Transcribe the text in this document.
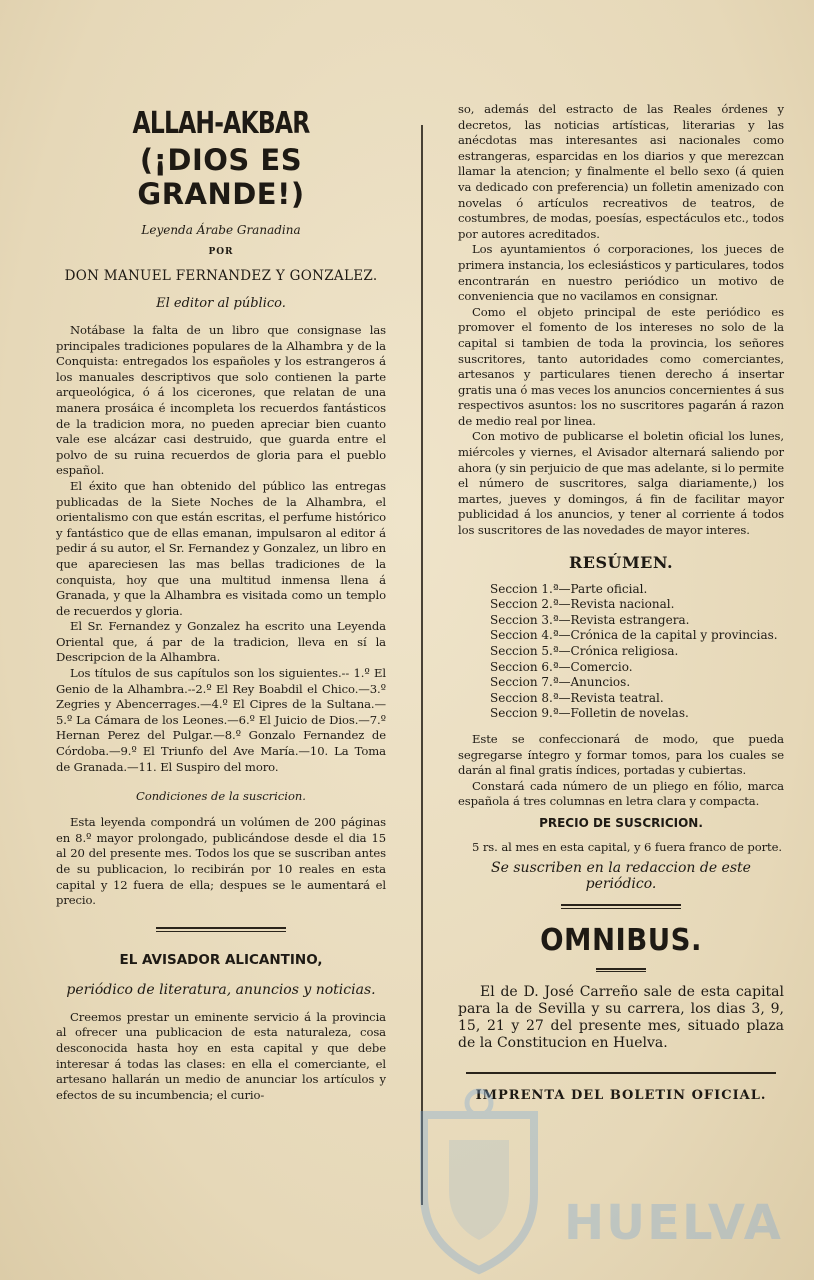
ALLAH-AKBAR
(¡DIOS ES GRANDE!)
Leyenda Árabe Granadina
POR
DON MANUEL FERNANDEZ Y GONZALEZ.
El editor al público.

Notábase la falta de un libro que consignase las principales tradiciones populares de la Alhambra y de la Conquista: entregados los españoles y los estrangeros á los manuales descriptivos que solo contienen la parte arqueológica, ó á los cicerones, que relatan de una manera prosáica é incompleta los recuerdos fantásticos de la tradicion mora, no pueden apreciar bien cuanto vale ese alcázar casi destruido, que guarda entre el polvo de su ruina recuerdos de gloria para el pueblo español.

El éxito que han obtenido del público las entregas publicadas de la Siete Noches de la Alhambra, el orientalismo con que están escritas, el perfume histórico y fantástico que de ellas emanan, impulsaron al editor á pedir á su autor, el Sr. Fernandez y Gonzalez, un libro en que apareciesen las mas bellas tradiciones de la conquista, hoy que una multitud inmensa llena á Granada, y que la Alhambra es visitada como un templo de recuerdos y gloria.

El Sr. Fernandez y Gonzalez ha escrito una Leyenda Oriental que, á par de la tradicion, lleva en sí la Descripcion de la Alhambra.

Los títulos de sus capítulos son los siguientes.-- 1.º El Genio de la Alhambra.--2.º El Rey Boabdil el Chico.—3.º Zegries y Abencerrages.—4.º El Cipres de la Sultana.—5.º La Cámara de los Leones.—6.º El Juicio de Dios.—7.º Hernan Perez del Pulgar.—8.º Gonzalo Fernandez de Córdoba.—9.º El Triunfo del Ave María.—10. La Toma de Granada.—11. El Suspiro del moro.

Condiciones de la suscricion.

Esta leyenda compondrá un volúmen de 200 páginas en 8.º mayor prolongado, publicándose desde el dia 15 al 20 del presente mes. Todos los que se suscriban antes de su publicacion, lo recibirán por 10 reales en esta capital y 12 fuera de ella; despues se le aumentará el precio.

EL AVISADOR ALICANTINO,
periódico de literatura, anuncios y noticias.

Creemos prestar un eminente servicio á la provincia al ofrecer una publicacion de esta naturaleza, cosa desconocida hasta hoy en esta capital y que debe interesar á todas las clases: en ella el comerciante, el artesano hallarán un medio de anunciar los artículos y efectos de su incumbencia; el curio-

so, además del estracto de las Reales órdenes y decretos, las noticias artísticas, literarias y las anécdotas mas interesantes asi nacionales como estrangeras, esparcidas en los diarios y que merezcan llamar la atencion; y finalmente el bello sexo (á quien va dedicado con preferencia) un folletin amenizado con novelas ó artículos recreativos de teatros, de costumbres, de modas, poesías, espectáculos etc., todos por autores acreditados.

Los ayuntamientos ó corporaciones, los jueces de primera instancia, los eclesiásticos y particulares, todos encontrarán en nuestro periódico un motivo de conveniencia que no vacilamos en consignar.

Como el objeto principal de este periódico es promover el fomento de los intereses no solo de la capital si tambien de toda la provincia, los señores suscritores, tanto autoridades como comerciantes, artesanos y particulares tienen derecho á insertar gratis una ó mas veces los anuncios concernientes á sus respectivos asuntos: los no suscritores pagarán á razon de medio real por linea.

Con motivo de publicarse el boletin oficial los lunes, miércoles y viernes, el Avisador alternará saliendo por ahora (y sin perjuicio de que mas adelante, si lo permite el número de suscritores, salga diariamente,) los martes, jueves y domingos, á fin de facilitar mayor publicidad á los anuncios, y tener al corriente á todos los suscritores de las novedades de mayor interes.

RESÚMEN.
Seccion 1.ª—Parte oficial.
Seccion 2.ª—Revista nacional.
Seccion 3.ª—Revista estrangera.
Seccion 4.ª—Crónica de la capital y provincias.
Seccion 5.ª—Crónica religiosa.
Seccion 6.ª—Comercio.
Seccion 7.ª—Anuncios.
Seccion 8.ª—Revista teatral.
Seccion 9.ª—Folletin de novelas.

Este se confeccionará de modo, que pueda segregarse íntegro y formar tomos, para los cuales se darán al final gratis índices, portadas y cubiertas.

Constará cada número de un pliego en fólio, marca española á tres columnas en letra clara y compacta.

PRECIO DE SUSCRICION.

5 rs. al mes en esta capital, y 6 fuera franco de porte.

Se suscriben en la redaccion de este periódico.
OMNIBUS.

El de D. José Carreño sale de esta capital para la de Sevilla y su carrera, los dias 3, 9, 15, 21 y 27 del presente mes, situado plaza de la Constitucion en Huelva.

IMPRENTA DEL BOLETIN OFICIAL.
HUELVA
